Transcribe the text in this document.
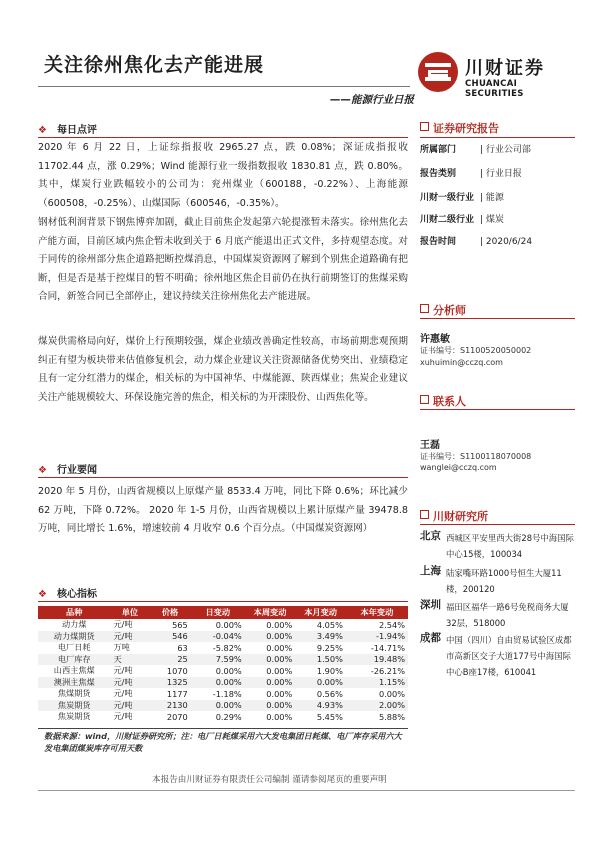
关注徐州焦化去产能进展	川财证券
CHUANCAI SECURITIES
——能源行业日报
❖ 每日点评
2020 年 6 月 22 日，上证综指报收 2965.27 点，跌 0.08%；深证成指报收 11702.44 点，涨 0.29%；Wind 能源行业一级指数报收 1830.81 点，跌 0.80%。其中，煤炭行业跌幅较小的公司为：兖州煤业（600188，-0.22%）、上海能源（600508，-0.25%）、山煤国际（600546，-0.35%）。
钢材低利润背景下钢焦博弈加剧，截止目前焦企发起第六轮提涨暂未落实。徐州焦化去产能方面，目前区域内焦企暂未收到关于 6 月底产能退出正式文件，多持观望态度。对于同传的徐州部分焦企道路把断控煤消息，中国煤炭资源网了解到个别焦企道路确有把断，但是否是基于控煤目的暂不明确；徐州地区焦企目前仍在执行前期签订的焦煤采购合同，新签合同已全部停止，建议持续关注徐州焦化去产能进展。
煤炭供需格局向好，煤价上行预期较强，煤企业绩改善确定性较高，市场前期悲观预期纠正有望为板块带来估值修复机会，动力煤企业建议关注资源储备优势突出、业绩稳定且有一定分红潜力的煤企，相关标的为中国神华、中煤能源、陕西煤业；焦炭企业建议关注产能规模较大、环保设施完善的焦企，相关标的为开滦股份、山西焦化等。
❖ 行业要闻
2020 年 5 月份，山西省规模以上原煤产量 8533.4 万吨，同比下降 0.6%；环比减少 62 万吨，下降 0.72%。 2020 年 1-5 月份，山西省规模以上累计原煤产量 39478.8 万吨，同比增长 1.6%，增速较前 4 月收窄 0.6 个百分点。（中国煤炭资源网）
❖ 核心指标
品种	单位	价格	日变动	本周变动	本月变动	本年变动
动力煤	元/吨	565	0.00%	0.00%	4.05%	2.54%
动力煤期货	元/吨	546	-0.04%	0.00%	3.49%	-1.94%
电厂日耗	万吨	63	-5.82%	0.00%	9.25%	-14.71%
电厂库存	天	25	7.59%	0.00%	1.50%	19.48%
山西主焦煤	元/吨	1070	0.00%	0.00%	1.90%	-26.21%
澳洲主焦煤	元/吨	1325	0.00%	0.00%	0.00%	1.15%
焦煤期货	元/吨	1177	-1.18%	0.00%	0.56%	0.00%
焦炭期货	元/吨	2130	0.00%	0.00%	4.93%	2.00%
焦炭期货	元/吨	2070	0.29%	0.00%	5.45%	5.88%
数据来源：wind，川财证券研究所；注：电厂日耗煤采用六大发电集团日耗煤、电厂库存采用六大发电集团煤炭库存可用天数
证券研究报告
所属部门	| 行业公司部
报告类别	| 行业日报
川财一级行业 | 能源
川财二级行业 | 煤炭
报告时间	| 2020/6/24
分析师
许惠敏
证书编号：S1100520050002
xuhuimin@cczq.com
联系人
王磊
证书编号：S1100118070008
wanglei@cczq.com
川财研究所
北京 西城区平安里西大街28号中海国际中心15楼，100034
上海 陆家嘴环路1000号恒生大厦11楼，200120
深圳 福田区福华一路6号免税商务大厦32层，518000
成都 中国（四川）自由贸易试验区成都市高新区交子大道177号中海国际中心B座17楼，610041
本报告由川财证券有限责任公司编制 谨请参阅尾页的重要声明
